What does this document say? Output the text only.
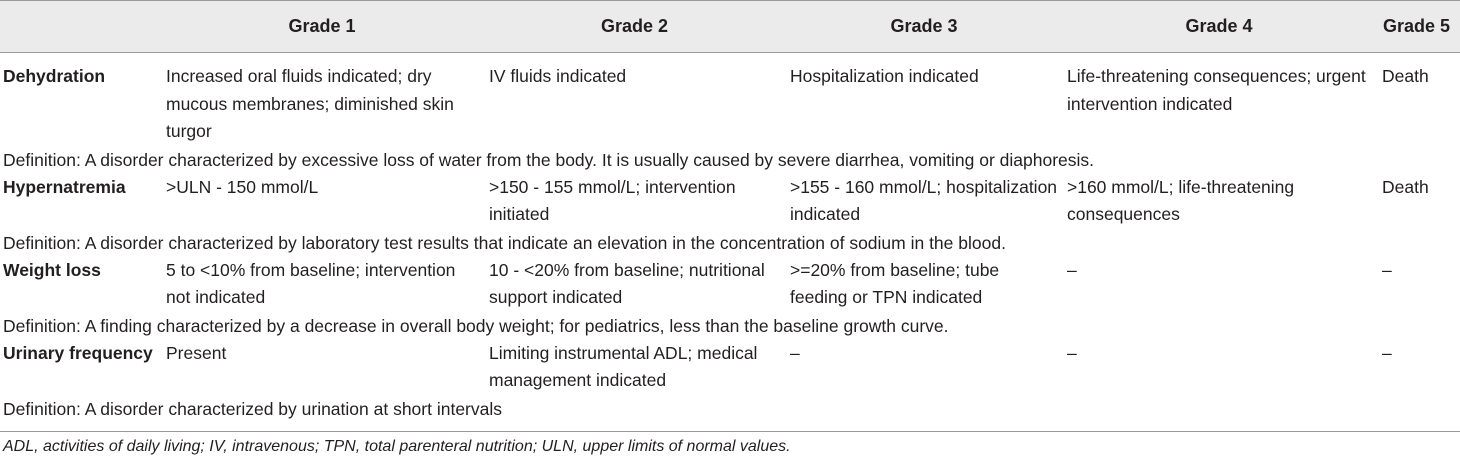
	Grade 1	Grade 2	Grade 3	Grade 4	Grade 5
Dehydration	Increased oral fluids indicated; dry mucous membranes; diminished skin turgor	IV fluids indicated	Hospitalization indicated	Life-threatening consequences; urgent intervention indicated	Death
Definition: A disorder characterized by excessive loss of water from the body. It is usually caused by severe diarrhea, vomiting or diaphoresis.					
Hypernatremia	>ULN - 150 mmol/L	>150 - 155 mmol/L; intervention initiated	>155 - 160 mmol/L; hospitalization indicated	>160 mmol/L; life-threatening consequences	Death
Definition: A disorder characterized by laboratory test results that indicate an elevation in the concentration of sodium in the blood.					
Weight loss	5 to <10% from baseline; intervention not indicated	10 - <20% from baseline; nutritional support indicated	>=20% from baseline; tube feeding or TPN indicated	–	–
Definition: A finding characterized by a decrease in overall body weight; for pediatrics, less than the baseline growth curve.					
Urinary frequency	Present	Limiting instrumental ADL; medical management indicated	–	–	–
Definition: A disorder characterized by urination at short intervals					
ADL, activities of daily living; IV, intravenous; TPN, total parenteral nutrition; ULN, upper limits of normal values.
